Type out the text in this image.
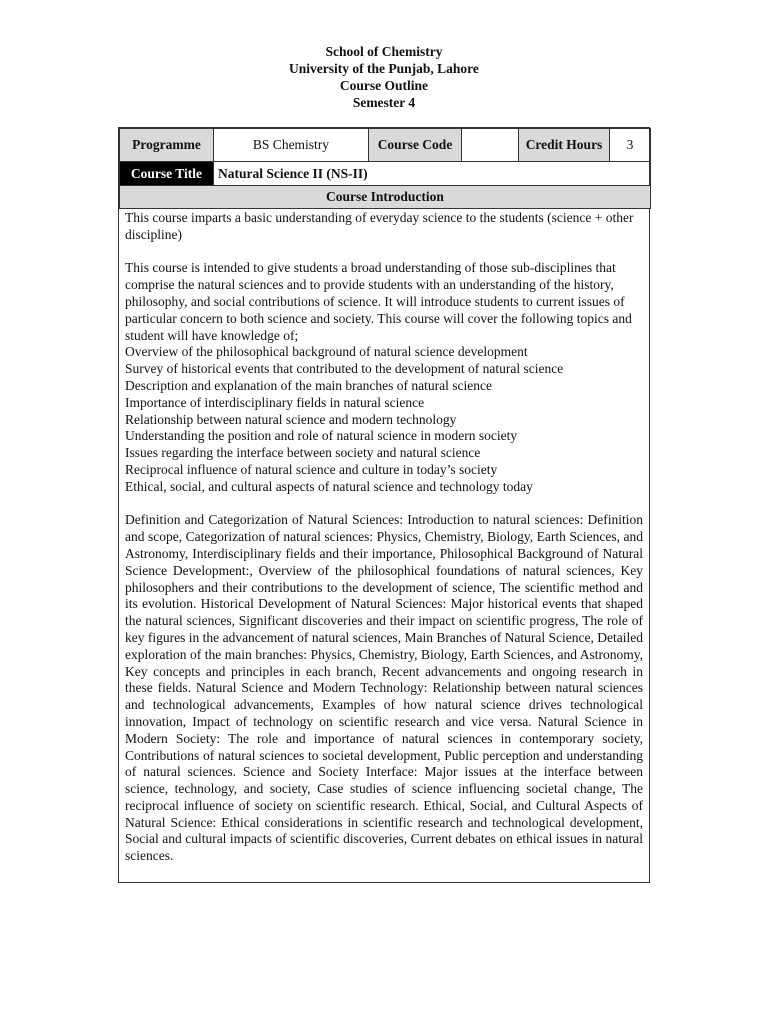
School of Chemistry
University of the Punjab, Lahore
Course Outline
Semester 4
Programme	BS Chemistry	Course Code		Credit Hours	3
Course Title	Natural Science II (NS-II)				
Course Introduction					

This course imparts a basic understanding of everyday science to the students (science + other discipline)

This course is intended to give students a broad understanding of those sub-disciplines that comprise the natural sciences and to provide students with an understanding of the history, philosophy, and social contributions of science. It will introduce students to current issues of particular concern to both science and society. This course will cover the following topics and student will have knowledge of;

Overview of the philosophical background of natural science development

Survey of historical events that contributed to the development of natural science

Description and explanation of the main branches of natural science

Importance of interdisciplinary fields in natural science

Relationship between natural science and modern technology

Understanding the position and role of natural science in modern society

Issues regarding the interface between society and natural science

Reciprocal influence of natural science and culture in today’s society

Ethical, social, and cultural aspects of natural science and technology today

Definition and Categorization of Natural Sciences: Introduction to natural sciences: Definition and scope, Categorization of natural sciences: Physics, Chemistry, Biology, Earth Sciences, and Astronomy, Interdisciplinary fields and their importance, Philosophical Background of Natural Science Development:, Overview of the philosophical foundations of natural sciences, Key philosophers and their contributions to the development of science, The scientific method and its evolution. Historical Development of Natural Sciences: Major historical events that shaped the natural sciences, Significant discoveries and their impact on scientific progress, The role of key figures in the advancement of natural sciences, Main Branches of Natural Science, Detailed exploration of the main branches: Physics, Chemistry, Biology, Earth Sciences, and Astronomy, Key concepts and principles in each branch, Recent advancements and ongoing research in these fields. Natural Science and Modern Technology: Relationship between natural sciences and technological advancements, Examples of how natural science drives technological innovation, Impact of technology on scientific research and vice versa. Natural Science in Modern Society: The role and importance of natural sciences in contemporary society, Contributions of natural sciences to societal development, Public perception and understanding of natural sciences. Science and Society Interface: Major issues at the interface between science, technology, and society, Case studies of science influencing societal change, The reciprocal influence of society on scientific research. Ethical, Social, and Cultural Aspects of Natural Science: Ethical considerations in scientific research and technological development, Social and cultural impacts of scientific discoveries, Current debates on ethical issues in natural sciences.
